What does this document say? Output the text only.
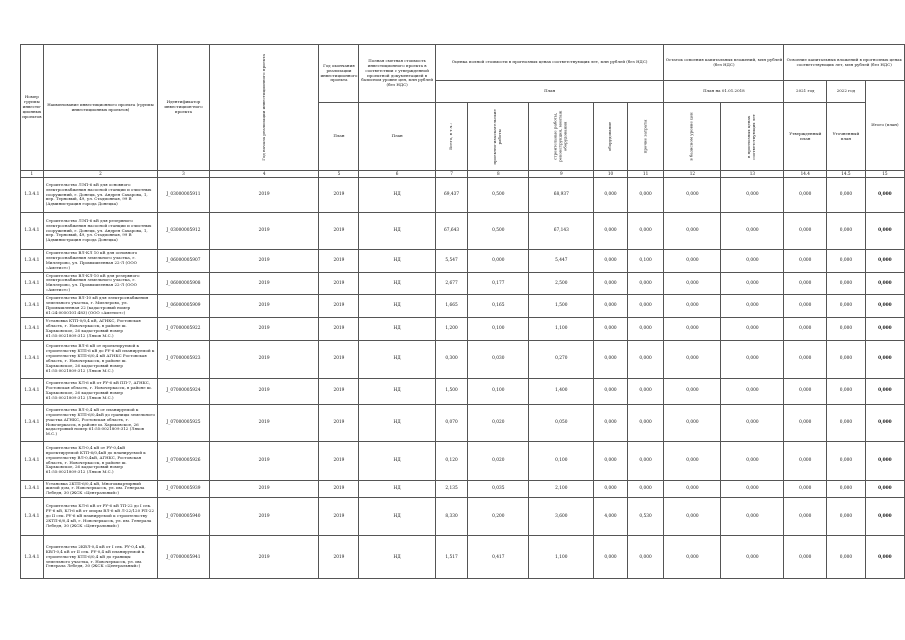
Номер группы инвести-ционных проектов	Наименование инвестиционного проекта (группы инвестиционных проектов)	Идентификатор инвестицион-ного проекта	Год начала реализации инвестиционного проекта	Год окончания реализации инвестиционного проекта	Полная сметная стоимость инвестиционного проекта в соответствии с утвержденной проектной документацией в базисном уровне цен, млн рублей (без НДС)	Оценка полной стоимости в прогнозных ценах соответствующих лет, млн рублей (без НДС)					Остаток освоения капитальных вложений, млн рублей (без НДС)		Освоение капитальных вложений в прогнозных ценах соответствующих лет, млн рублей (без НДС)		
						План					План на 01.01.2018		2021 год	2022 год	Итого (план)
				План	План	Всего, в т.ч.:	проектно-изыскательские работы	строительные работы, реконструкция, монтаж оборудования	оборудование	прочие затраты	в базисном уровне цен	в прогнозных ценах соответствующих лет	Утвержденный план	Уточненный план	
1	2	3	4	5	6	7	8	9	10	11	12	13	14.4	14.5	15
1.3.4.1	Строительство ЛЭП-6 кВ для основного электроснабжения насосной станции и очистных сооружений, г. Донецк, ул. Андрея Сахарова, 1, пер. Терновый, 49, ул. Стадионная, 99 В (Администрация города Донецка)	J_03000005911	2019	2019	НД	69,437	0,500	68,937	0,000	0,000	0,000	0,000	0,000	0,000	0,000
1.3.4.1	Строительство ЛЭП-6 кВ для резервного электроснабжения насосной станции и очистных сооружений, г. Донецк, ул. Андрея Сахарова, 1, пер. Терновый, 49, ул. Стадионная, 99 В (Администрация города Донецка)	J_03000005912	2019	2019	НД	67,643	0,500	67,143	0,000	0,000	0,000	0,000	0,000	0,000	0,000
1.3.4.1	Строительство ВЛ-КЛ 10 кВ для основного электроснабжения земельного участка, г. Миллерово, ул. Промышленная 22-Л (ООО «Аметист»)	J_06000005907	2019	2019	НД	5,547	0,000	5,447	0,000	0,100	0,000	0,000	0,000	0,000	0,000
1.3.4.1	Строительство ВЛ-КЛ-10 кВ для резервного электроснабжения земельного участка, г. Миллерово, ул. Промышленная 22-Л (ООО «Аметист»)	J_06000005908	2019	2019	НД	2,677	0,177	2,500	0,000	0,000	0,000	0,000	0,000	0,000	0,000
1.3.4.1	Строительство ВЛ-10 кВ для электроснабжения земельного участка, г. Миллерово, ул. Промышленная 22 (кадастровый номер 61:24:0050101:483) (ООО «Аметист»)	J_06000005909	2019	2019	НД	1,665	0,165	1,500	0,000	0,000	0,000	0,000	0,000	0,000	0,000
1.3.4.1	Установка КТП-0/0,4 кВ, АГНКС, Ростовская область, г. Новочеркасск, в районе ш. Харьковское, 26 кадастровый номер 61:55:0021809:312 (Ляхов М.С.)	J_07000005922	2019	2019	НД	1,200	0,100	1,100	0,000	0,000	0,000	0,000	0,000	0,000	0,000
1.3.4.1	Строительство ВЛ-6 кВ от проектируемой к строительству КТП-6 кВ до РУ-6 кВ планируемой к строительству КТП-6/0,4 кВ АГНКС Ростовская область, г. Новочеркасск, в районе ш. Харьковское, 26 кадастровый номер 61:55:0021809:312 (Ляхов М.С.)	J_07000005923	2019	2019	НД	0,300	0,030	0,270	0,000	0,000	0,000	0,000	0,000	0,000	0,000
1.3.4.1	Строительство КЛ-6 кВ от РУ-6 кВ ПП-7, АГНКС, Ростовская область, г. Новочеркасск, в районе ш. Харьковское, 26 кадастровый номер 61:55:0021809:312 (Ляхов М.С.)	J_07000005924	2019	2019	НД	1,500	0,100	1,400	0,000	0,000	0,000	0,000	0,000	0,000	0,000
1.3.4.1	Строительство ВЛ-0,4 кВ от планируемой к строительству КТП-6/0,4кВ до границы земельного участка АГНКС, Ростовская область, г. Новочеркасск, в районе ш. Харьковское, 26 кадастровый номер 61:55:0021809:312 (Ляхов М.С.)	J_07000005925	2019	2019	НД	0,070	0,020	0,050	0,000	0,000	0,000	0,000	0,000	0,000	0,000
1.3.4.1	Строительство КЛ-0,4 кВ от РУ-0,4кВ проектируемой КТП-6/0,4кВ до планируемой к строительству ВЛ-0,4кВ, АГНКС, Ростовская область, г. Новочеркасск, в районе ш. Харьковское, 26 кадастровый номер 61:55:0021809:312 (Ляхов М.С.)	J_07000005926	2019	2019	НД	0,120	0,020	0,100	0,000	0,000	0,000	0,000	0,000	0,000	0,000
1.3.4.1	Установка 2КТП-6/0,4 кВ, Многоквартирный жилой дом, г. Новочеркасск, ул. им. Генерала Лебедя, 30 (ЖСК «Центральный»)	J_07000005939	2019	2019	НД	2,135	0,035	2,100	0,000	0,000	0,000	0,000	0,000	0,000	0,000
1.3.4.1	Строительство КЛ-6 кВ от РУ-6 кВ ТП-22 до I сек. РУ-6 кВ, КЛ-6 кВ от опоры ВЛ-6 кВ Л-22/120 РП-22 до II сек. РУ-6 кВ планируемой к строительству 2КТП-6/0,4 кВ, г. Новочеркасск, ул. им. Генерала Лебедя, 30 (ЖСК «Центральный»)	J_07000005940	2019	2019	НД	8,330	0,200	3,600	4,000	0,530	0,000	0,000	0,000	0,000	0,000
1.3.4.1	Строительство 2КВЛ-0,4 кВ от I сек. РУ-0,4 кВ, КВЛ-0,4 кВ от II сек. РУ-0,4 кВ планируемой к строительству КТП-6/0,4 кВ до границы земельного участка, г. Новочеркасск, ул. им. Генерала Лебедя, 30 (ЖСК «Центральный»)	J_07000005941	2019	2019	НД	1,517	0,417	1,100	0,000	0,000	0,000	0,000	0,000	0,000	0,000
